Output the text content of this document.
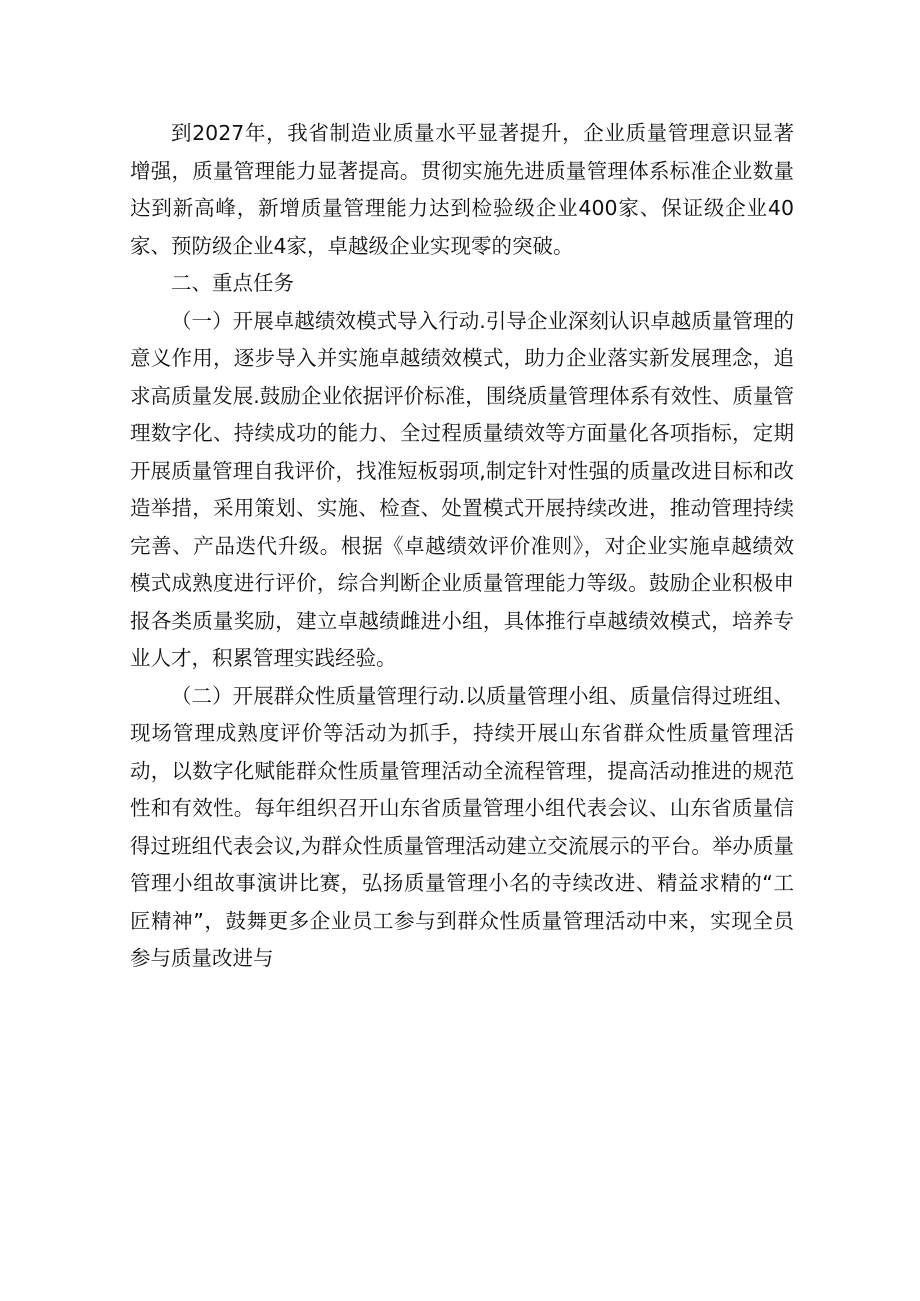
到2027年，我省制造业质量水平显著提升，企业质量管理意识显著增强，质量管理能力显著提高。贯彻实施先进质量管理体系标准企业数量达到新高峰，新增质量管理能力达到检验级企业400家、保证级企业40家、预防级企业4家，卓越级企业实现零的突破。

二、重点任务

（一）开展卓越绩效模式导入行动.引导企业深刻认识卓越质量管理的意义作用，逐步导入并实施卓越绩效模式，助力企业落实新发展理念，追求高质量发展.鼓励企业依据评价标准，围绕质量管理体系有效性、质量管理数字化、持续成功的能力、全过程质量绩效等方面量化各项指标，定期开展质量管理自我评价，找准短板弱项,制定针对性强的质量改进目标和改造举措，采用策划、实施、检查、处置模式开展持续改进，推动管理持续完善、产品迭代升级。根据《卓越绩效评价准则》，对企业实施卓越绩效模式成熟度进行评价，综合判断企业质量管理能力等级。鼓励企业积极申报各类质量奖励，建立卓越绩雌进小组，具体推行卓越绩效模式，培养专业人才，积累管理实践经验。

（二）开展群众性质量管理行动.以质量管理小组、质量信得过班组、现场管理成熟度评价等活动为抓手，持续开展山东省群众性质量管理活动，以数字化赋能群众性质量管理活动全流程管理，提高活动推进的规范性和有效性。每年组织召开山东省质量管理小组代表会议、山东省质量信得过班组代表会议,为群众性质量管理活动建立交流展示的平台。举办质量管理小组故事演讲比赛，弘扬质量管理小名的寺续改进、精益求精的“工匠精神”，鼓舞更多企业员工参与到群众性质量管理活动中来，实现全员参与质量改进与
